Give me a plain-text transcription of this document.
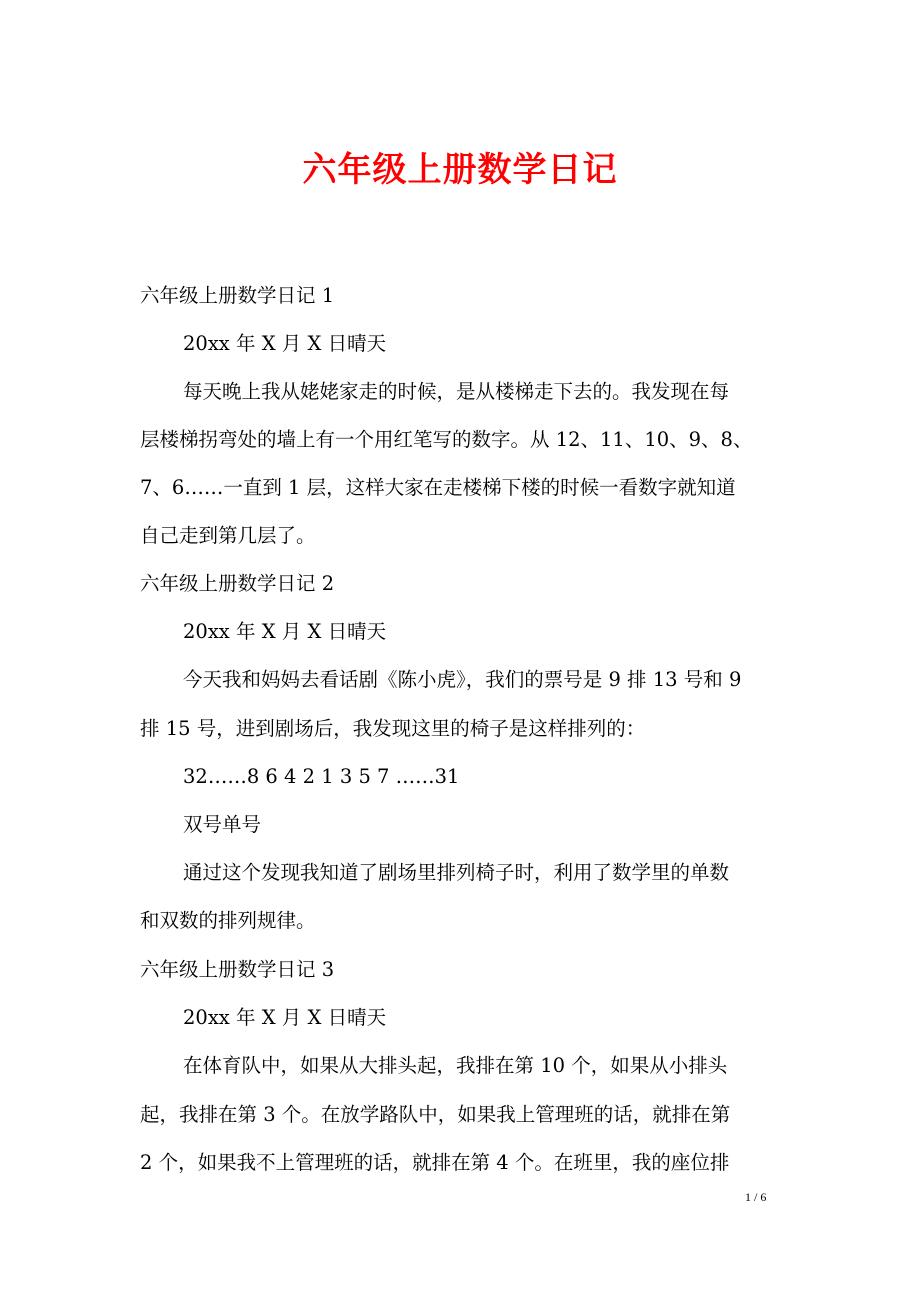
六年级上册数学日记
六年级上册数学日记 1
20xx 年 X 月 X 日晴天
每天晚上我从姥姥家走的时候，是从楼梯走下去的。我发现在每
层楼梯拐弯处的墙上有一个用红笔写的数字。从 12、11、10、9、8、
7、6……一直到 1 层，这样大家在走楼梯下楼的时候一看数字就知道
自己走到第几层了。
六年级上册数学日记 2
20xx 年 X 月 X 日晴天
今天我和妈妈去看话剧《陈小虎》，我们的票号是 9 排 13 号和 9
排 15 号，进到剧场后，我发现这里的椅子是这样排列的：
32……8 6 4 2 1 3 5 7 ……31
双号单号
通过这个发现我知道了剧场里排列椅子时，利用了数学里的单数
和双数的排列规律。
六年级上册数学日记 3
20xx 年 X 月 X 日晴天
在体育队中，如果从大排头起，我排在第 10 个，如果从小排头
起，我排在第 3 个。在放学路队中，如果我上管理班的话，就排在第
2 个，如果我不上管理班的话，就排在第 4 个。在班里，我的座位排
1 / 6
